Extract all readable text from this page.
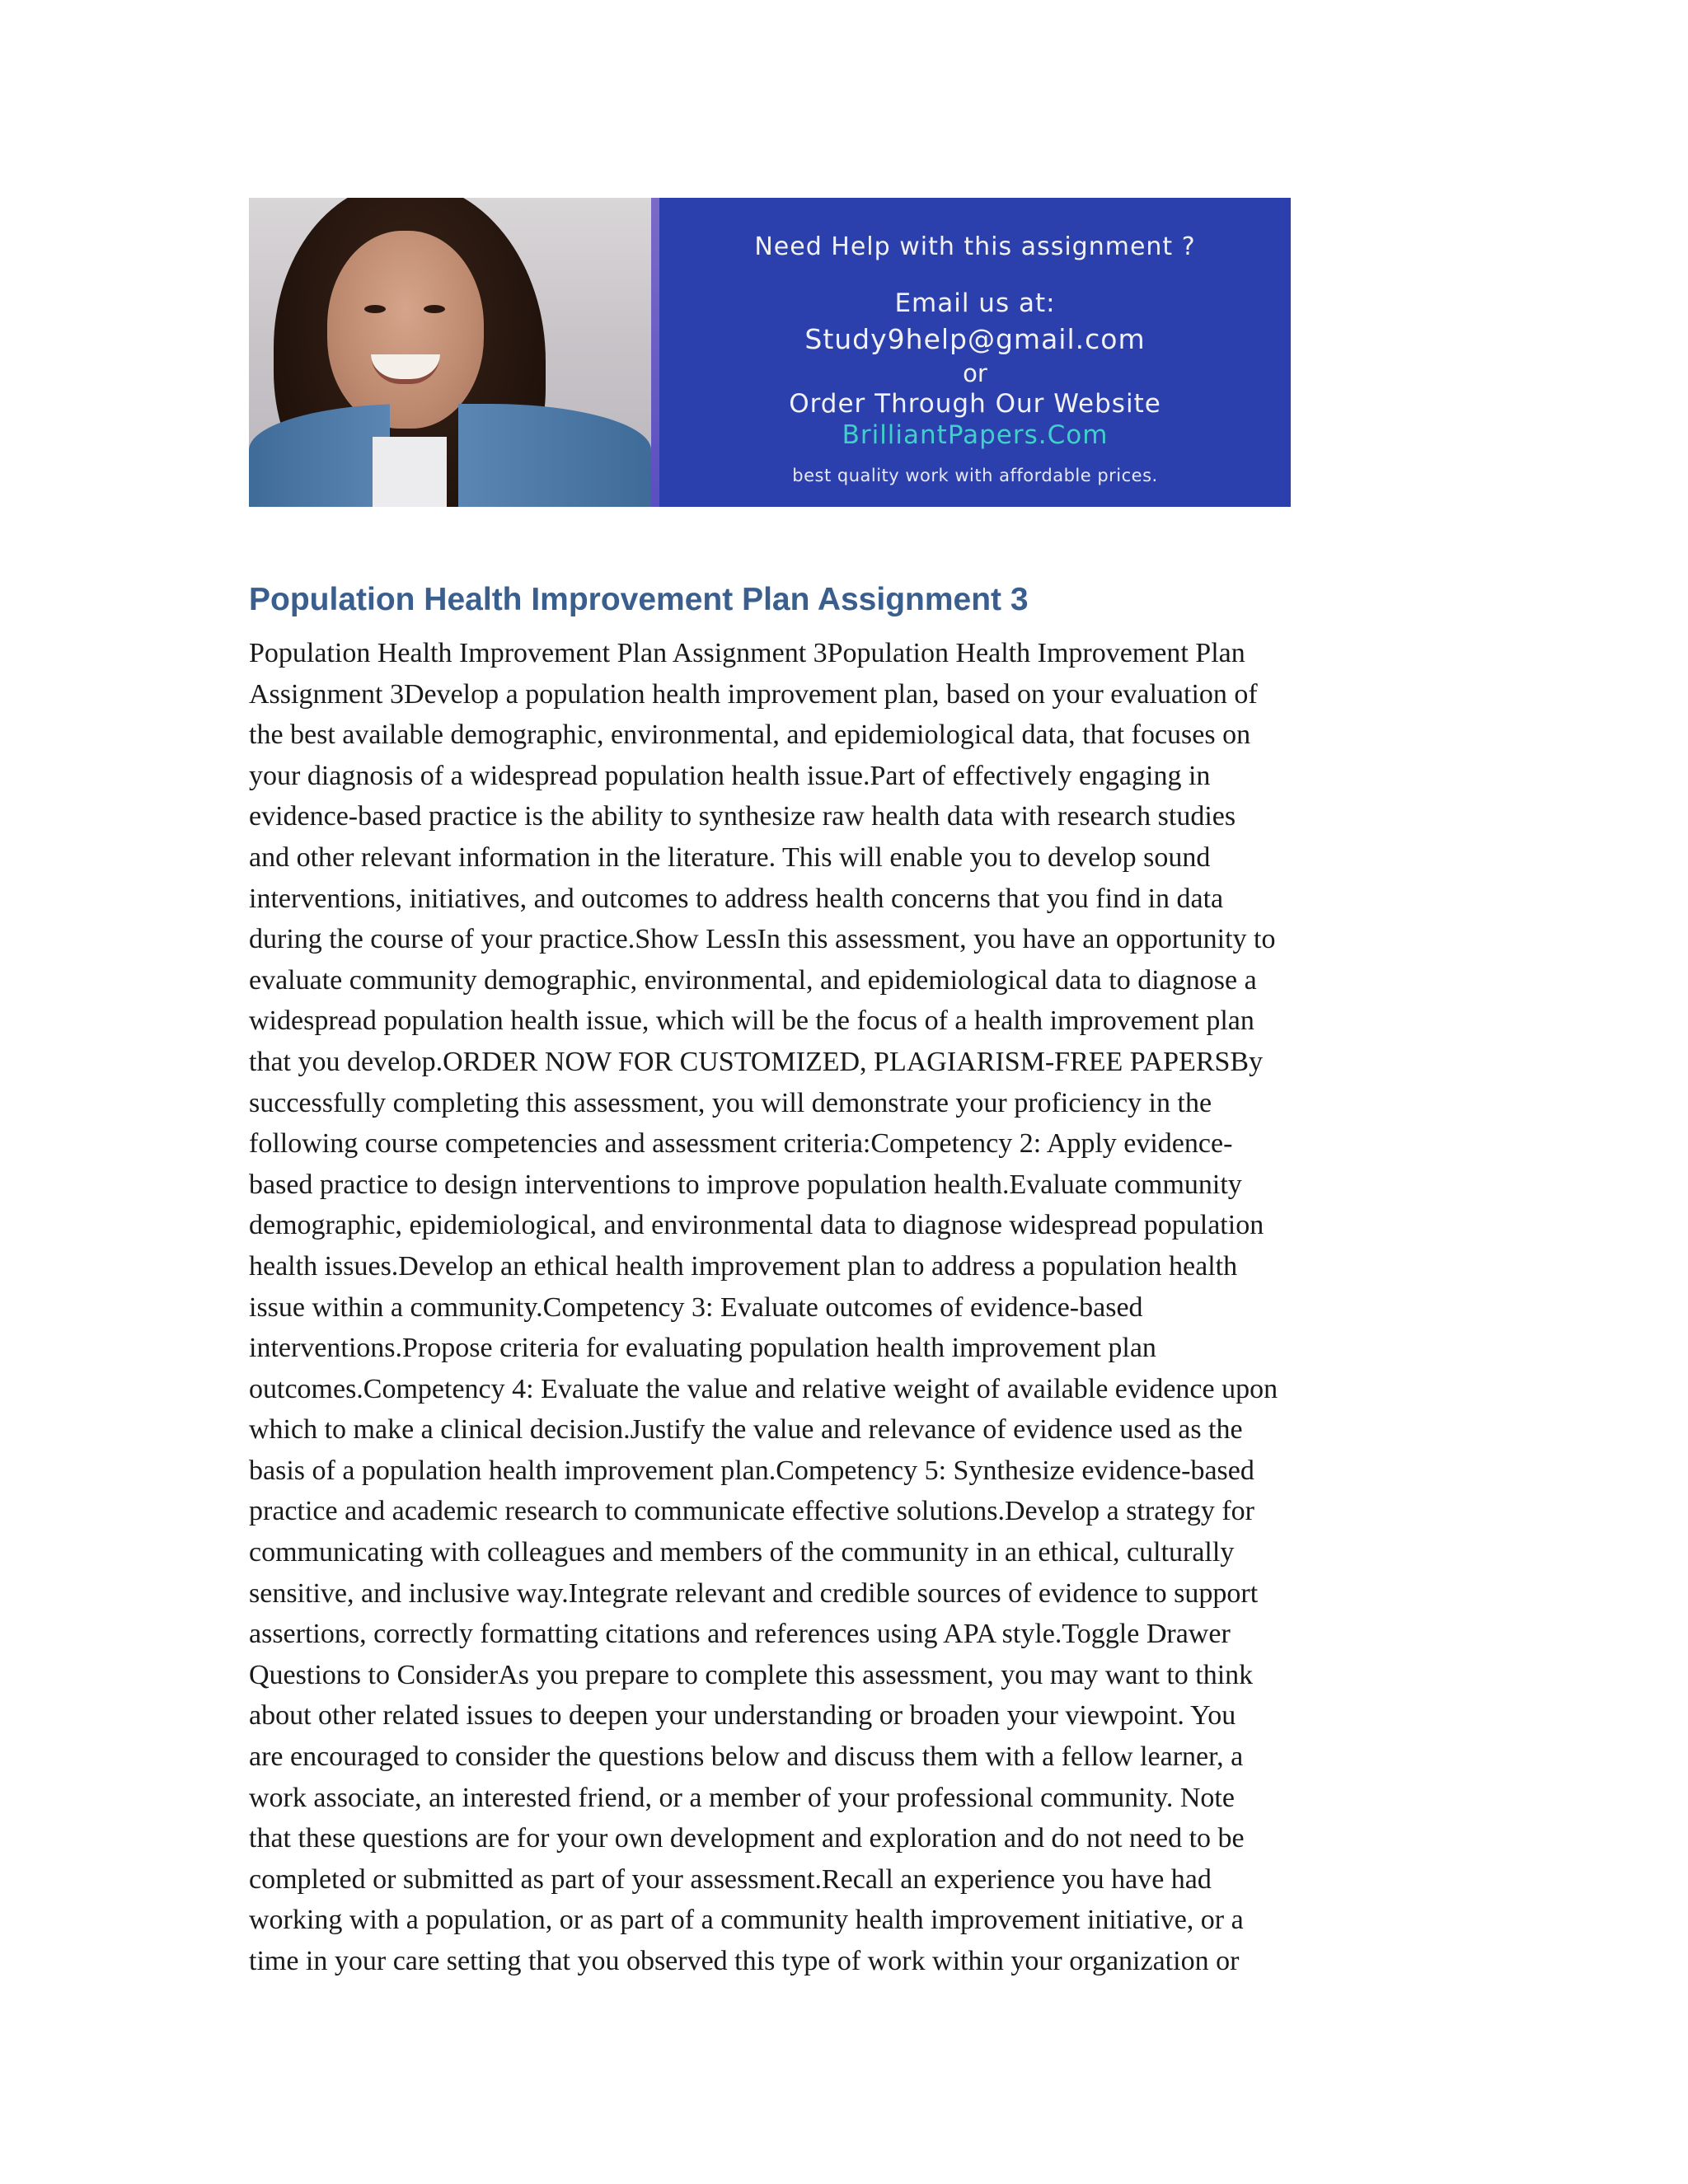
Need Help with this assignment ?
Email us at:
Study9help@gmail.com
or
Order Through Our Website
BrilliantPapers.Com
best quality work with affordable prices.
Population Health Improvement Plan Assignment 3
Population Health Improvement Plan Assignment 3Population Health Improvement Plan
Assignment 3Develop a population health improvement plan, based on your evaluation of
the best available demographic, environmental, and epidemiological data, that focuses on
your diagnosis of a widespread population health issue.Part of effectively engaging in
evidence-based practice is the ability to synthesize raw health data with research studies
and other relevant information in the literature. This will enable you to develop sound
interventions, initiatives, and outcomes to address health concerns that you find in data
during the course of your practice.Show LessIn this assessment, you have an opportunity to
evaluate community demographic, environmental, and epidemiological data to diagnose a
widespread population health issue, which will be the focus of a health improvement plan
that you develop.ORDER NOW FOR CUSTOMIZED, PLAGIARISM-FREE PAPERSBy
successfully completing this assessment, you will demonstrate your proficiency in the
following course competencies and assessment criteria:Competency 2: Apply evidence-
based practice to design interventions to improve population health.Evaluate community
demographic, epidemiological, and environmental data to diagnose widespread population
health issues.Develop an ethical health improvement plan to address a population health
issue within a community.Competency 3: Evaluate outcomes of evidence-based
interventions.Propose criteria for evaluating population health improvement plan
outcomes.Competency 4: Evaluate the value and relative weight of available evidence upon
which to make a clinical decision.Justify the value and relevance of evidence used as the
basis of a population health improvement plan.Competency 5: Synthesize evidence-based
practice and academic research to communicate effective solutions.Develop a strategy for
communicating with colleagues and members of the community in an ethical, culturally
sensitive, and inclusive way.Integrate relevant and credible sources of evidence to support
assertions, correctly formatting citations and references using APA style.Toggle Drawer
Questions to ConsiderAs you prepare to complete this assessment, you may want to think
about other related issues to deepen your understanding or broaden your viewpoint. You
are encouraged to consider the questions below and discuss them with a fellow learner, a
work associate, an interested friend, or a member of your professional community. Note
that these questions are for your own development and exploration and do not need to be
completed or submitted as part of your assessment.Recall an experience you have had
working with a population, or as part of a community health improvement initiative, or a
time in your care setting that you observed this type of work within your organization or
